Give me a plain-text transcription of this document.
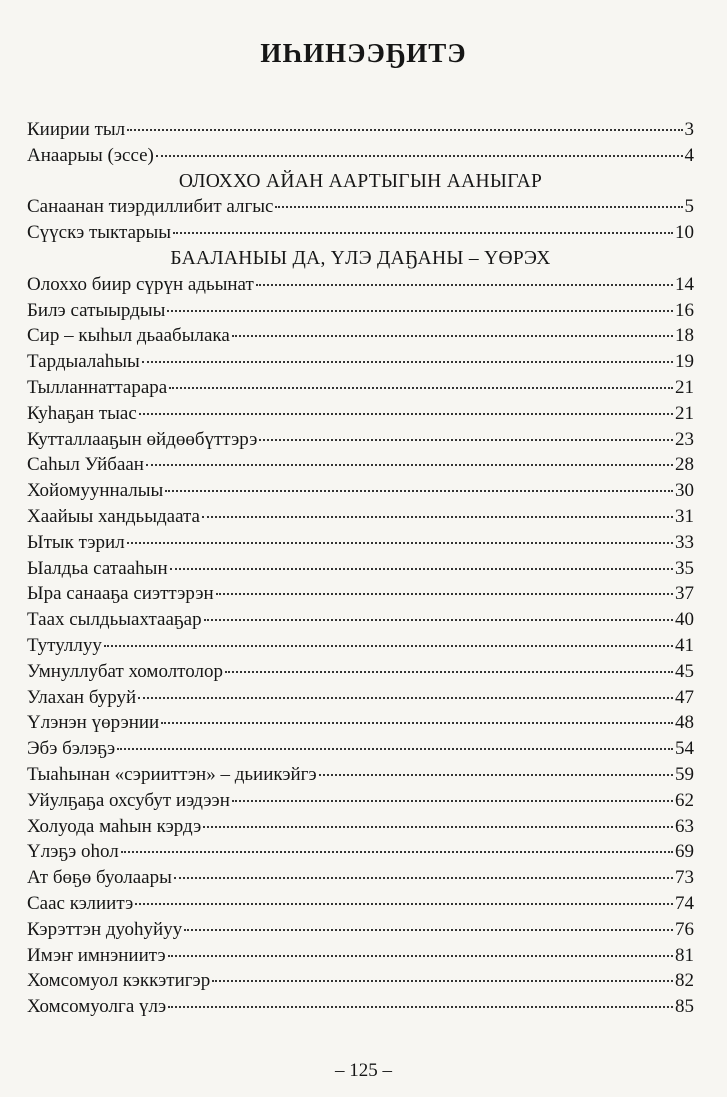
ИҺИНЭЭҔИТЭ
Киирии тыл	3
Анаарыы (эссе)	4
ОЛОХХО АЙАН ААРТЫГЫН ААНЫГАР
Санаанан тиэрдиллибит алгыс	5
Сүүскэ тыктарыы	10
БААЛАНЫЫ ДА, ҮЛЭ ДАҔАНЫ – ҮӨРЭХ
Олоххо биир сүрүн адьынат	14
Билэ сатыырдыы	16
Сир – кыһыл дьаабылака	18
Тардыалаһыы	19
Тылланнаттарара	21
Куһаҕан тыас	21
Кутталлааҕын өйдөөбүттэрэ	23
Саһыл Уйбаан	28
Хойомуунналыы	30
Хаайыы хандьыдаата	31
Ытык тэрил	33
Ыалдьа сатааһын	35
Ыра санааҕа сиэттэрэн	37
Таах сылдьыахтааҕар	40
Тутуллуу	41
Умнуллубат хомолтолор	45
Улахан буруй	47
Үлэнэн үөрэнии	48
Эбэ бэлэҕэ	54
Тыаһынан «сэрииттэн» – дьиикэйгэ	59
Уйулҕаҕа охсубут иэдээн	62
Холуода маһын кэрдэ	63
Үлэҕэ оһол	69
Ат бөҕө буолаары	73
Саас кэлиитэ	74
Кэрэттэн дуоһуйуу	76
Имэҥ имнэниитэ	81
Хомсомуол кэккэтигэр	82
Хомсомуолга үлэ	85
– 125 –
